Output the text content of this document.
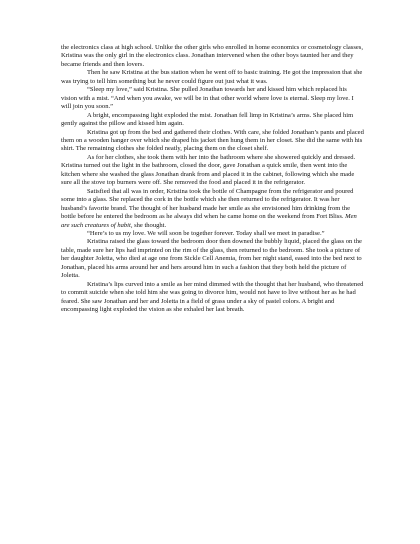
the electronics class at high school. Unlike the other girls who enrolled in home economics or cosmetology classes, Kristina was the only girl in the electronics class. Jonathan intervened when the other boys taunted her and they became friends and then lovers.

Then he saw Kristina at the bus station when he went off to basic training. He got the impression that she was trying to tell him something but he never could figure out just what it was.

“Sleep my love,” said Kristina. She pulled Jonathan towards her and kissed him which replaced his vision with a mist. “And when you awake, we will be in that other world where love is eternal. Sleep my love. I will join you soon.”

A bright, encompassing light exploded the mist. Jonathan fell limp in Kristina’s arms. She placed him gently against the pillow and kissed him again.

Kristina got up from the bed and gathered their clothes. With care, she folded Jonathan’s pants and placed them on a wooden hanger over which she draped his jacket then hung them in her closet. She did the same with his shirt. The remaining clothes she folded neatly, placing them on the closet shelf.

As for her clothes, she took them with her into the bathroom where she showered quickly and dressed. Kristina turned out the light in the bathroom, closed the door, gave Jonathan a quick smile, then went into the kitchen where she washed the glass Jonathan drank from and placed it in the cabinet, following which she made sure all the stove top burners were off. She removed the food and placed it in the refrigerator.

Satisfied that all was in order, Kristina took the bottle of Champagne from the refrigerator and poured some into a glass. She replaced the cork in the bottle which she then returned to the refrigerator. It was her husband’s favorite brand. The thought of her husband made her smile as she envisioned him drinking from the bottle before he entered the bedroom as he always did when he came home on the weekend from Fort Bliss. Men are such creatures of habit, she thought.

“Here’s to us my love. We will soon be together forever. Today shall we meet in paradise.”

Kristina raised the glass toward the bedroom door then downed the bubbly liquid, placed the glass on the table, made sure her lips had imprinted on the rim of the glass, then returned to the bedroom. She took a picture of her daughter Joletta, who died at age one from Sickle Cell Anemia, from her night stand, eased into the bed next to Jonathan, placed his arms around her and hers around him in such a fashion that they both held the picture of Joletta.

Kristina’s lips curved into a smile as her mind dimmed with the thought that her husband, who threatened to commit suicide when she told him she was going to divorce him, would not have to live without her as he had feared. She saw Jonathan and her and Joletta in a field of grass under a sky of pastel colors. A bright and encompassing light exploded the vision as she exhaled her last breath.
